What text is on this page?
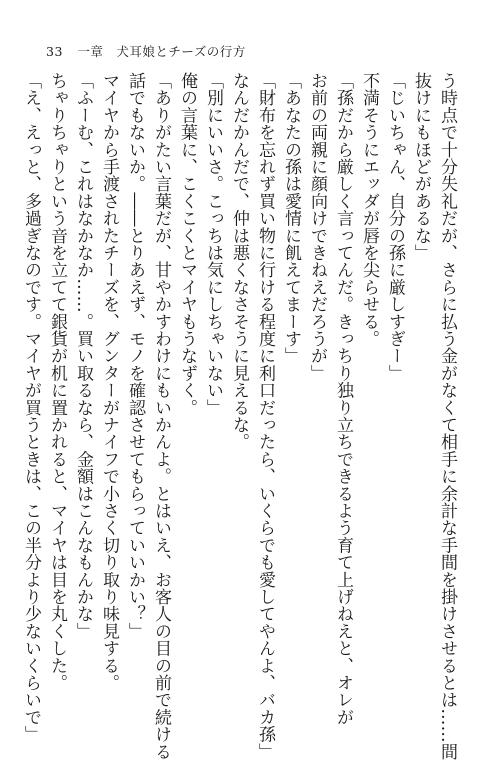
33 一章　犬耳娘とチーズの行方
う時点で十分失礼だが、さらに払う金がなくて相手に余計な手間を掛けさせるとは……間
抜けにもほどがあるな」
「じいちゃん、自分の孫に厳しすぎー」
不満そうにエッダが唇を尖らせる。
「孫だから厳しく言ってんだ。きっちり独り立ちできるよう育て上げねえと、オレが
お前の両親に顔向けできねえだろうが」
「あなたの孫は愛情に飢えてまーす」
「財布を忘れず買い物に行ける程度に利口だったら、いくらでも愛してやんよ、バカ孫」
なんだかんだで、仲は悪くなさそうに見えるな。
「別にいいさ。こっちは気にしちゃいない」
俺の言葉に、こくこくとマイヤもうなずく。
「ありがたい言葉だが、甘やかすわけにもいかんよ。とはいえ、お客人の目の前で続ける
話でもないか。――とりあえず、モノを確認させてもらっていいかい？」
マイヤから手渡されたチーズを、グンターがナイフで小さく切り取り味見する。
「ふーむ、これはなかなか……。買い取るなら、金額はこんなもんかな」
ちゃりちゃりという音を立てて銀貨が机に置かれると、マイヤは目を丸くした。
「え、えっと、多過ぎなのです。マイヤが買うときは、この半分より少ないくらいで」
